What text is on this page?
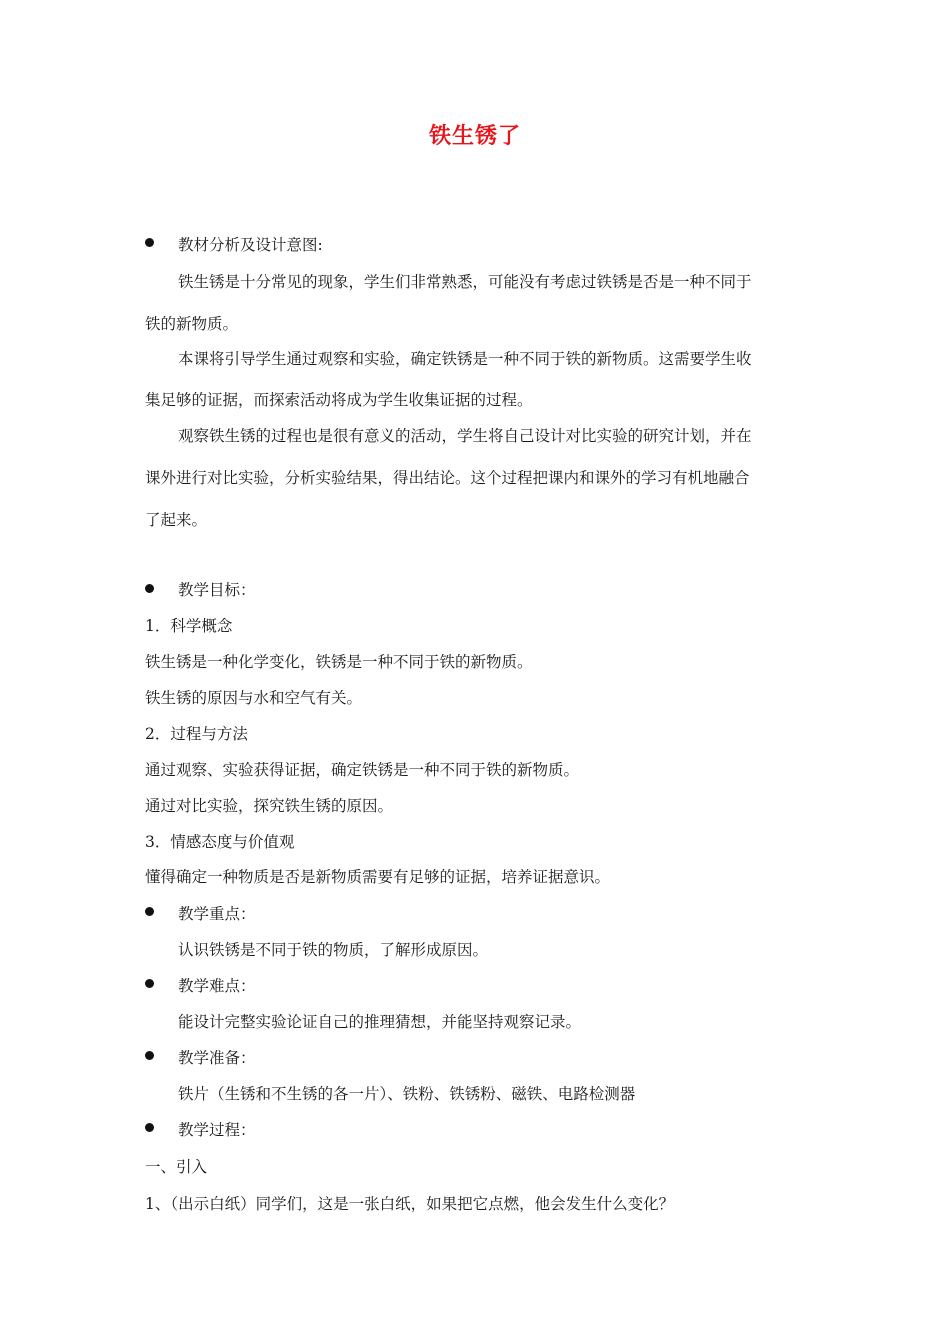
铁生锈了
教材分析及设计意图:
铁生锈是十分常见的现象，学生们非常熟悉，可能没有考虑过铁锈是否是一种不同于
铁的新物质。
本课将引导学生通过观察和实验，确定铁锈是一种不同于铁的新物质。这需要学生收
集足够的证据，而探索活动将成为学生收集证据的过程。
观察铁生锈的过程也是很有意义的活动，学生将自己设计对比实验的研究计划，并在
课外进行对比实验，分析实验结果，得出结论。这个过程把课内和课外的学习有机地融合
了起来。
教学目标：
1．科学概念
铁生锈是一种化学变化，铁锈是一种不同于铁的新物质。
铁生锈的原因与水和空气有关。
2．过程与方法
通过观察、实验获得证据，确定铁锈是一种不同于铁的新物质。
通过对比实验，探究铁生锈的原因。
3．情感态度与价值观
懂得确定一种物质是否是新物质需要有足够的证据，培养证据意识。
教学重点：
认识铁锈是不同于铁的物质，了解形成原因。
教学难点：
能设计完整实验论证自己的推理猜想，并能坚持观察记录。
教学准备：
铁片（生锈和不生锈的各一片）、铁粉、铁锈粉、磁铁、电路检测器
教学过程：
一、引入
1、（出示白纸）同学们，这是一张白纸，如果把它点燃，他会发生什么变化？
